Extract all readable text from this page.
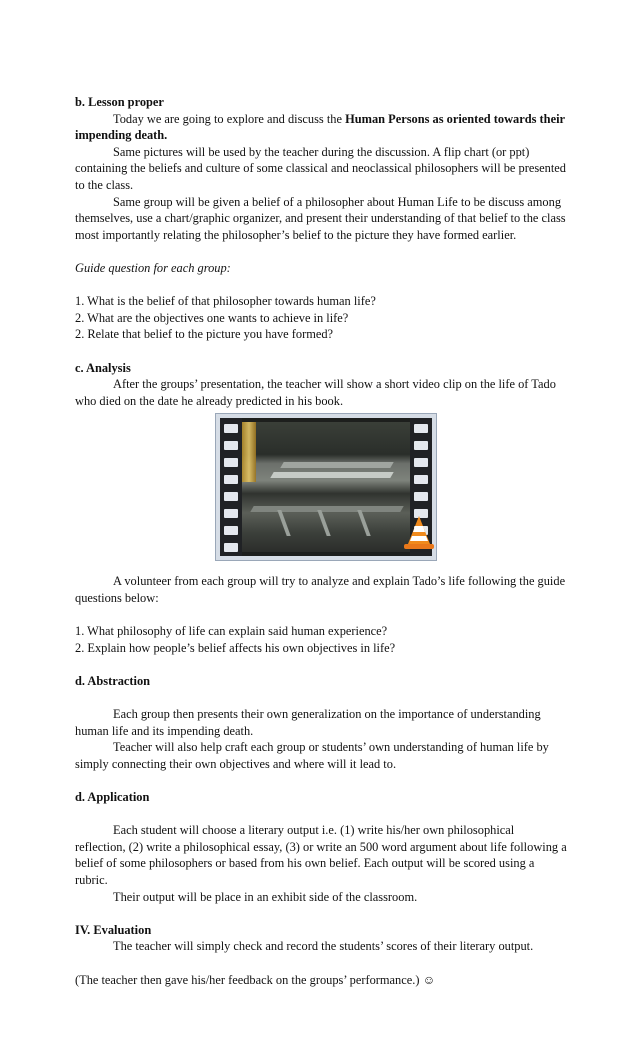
b. Lesson proper

Today we are going to explore and discuss the Human Persons as oriented towards their impending death.

Same pictures will be used by the teacher during the discussion. A flip chart (or ppt) containing the beliefs and culture of some classical and neoclassical philosophers will be presented to the class.

Same group will be given a belief of a philosopher about Human Life to be discuss among themselves, use a chart/graphic organizer, and present their understanding of that belief to the class most importantly relating the philosopher’s belief to the picture they have formed earlier.

Guide question for each group:

1. What is the belief of that philosopher towards human life?

2. What are the objectives one wants to achieve in life?

2. Relate that belief to the picture you have formed?

c. Analysis

After the groups’ presentation, the teacher will show a short video clip on the life of Tado who died on the date he already predicted in his book.

A volunteer from each group will try to analyze and explain Tado’s life following the guide questions below:

1. What philosophy of life can explain said human experience?

2. Explain how people’s belief affects his own objectives in life?

d. Abstraction

Each group then presents their own generalization on the importance of understanding human life and its impending death.

Teacher will also help craft each group or students’ own understanding of human life by simply connecting their own objectives and where will it lead to.

d. Application

Each student will choose a literary output i.e. (1) write his/her own philosophical reflection, (2) write a philosophical essay, (3) or write an 500 word argument about life following a belief of some philosophers or based from his own belief. Each output will be scored using a rubric.

Their output will be place in an exhibit side of the classroom.

IV. Evaluation

The teacher will simply check and record the students’ scores of their literary output.

(The teacher then gave his/her feedback on the groups’ performance.) ☺
